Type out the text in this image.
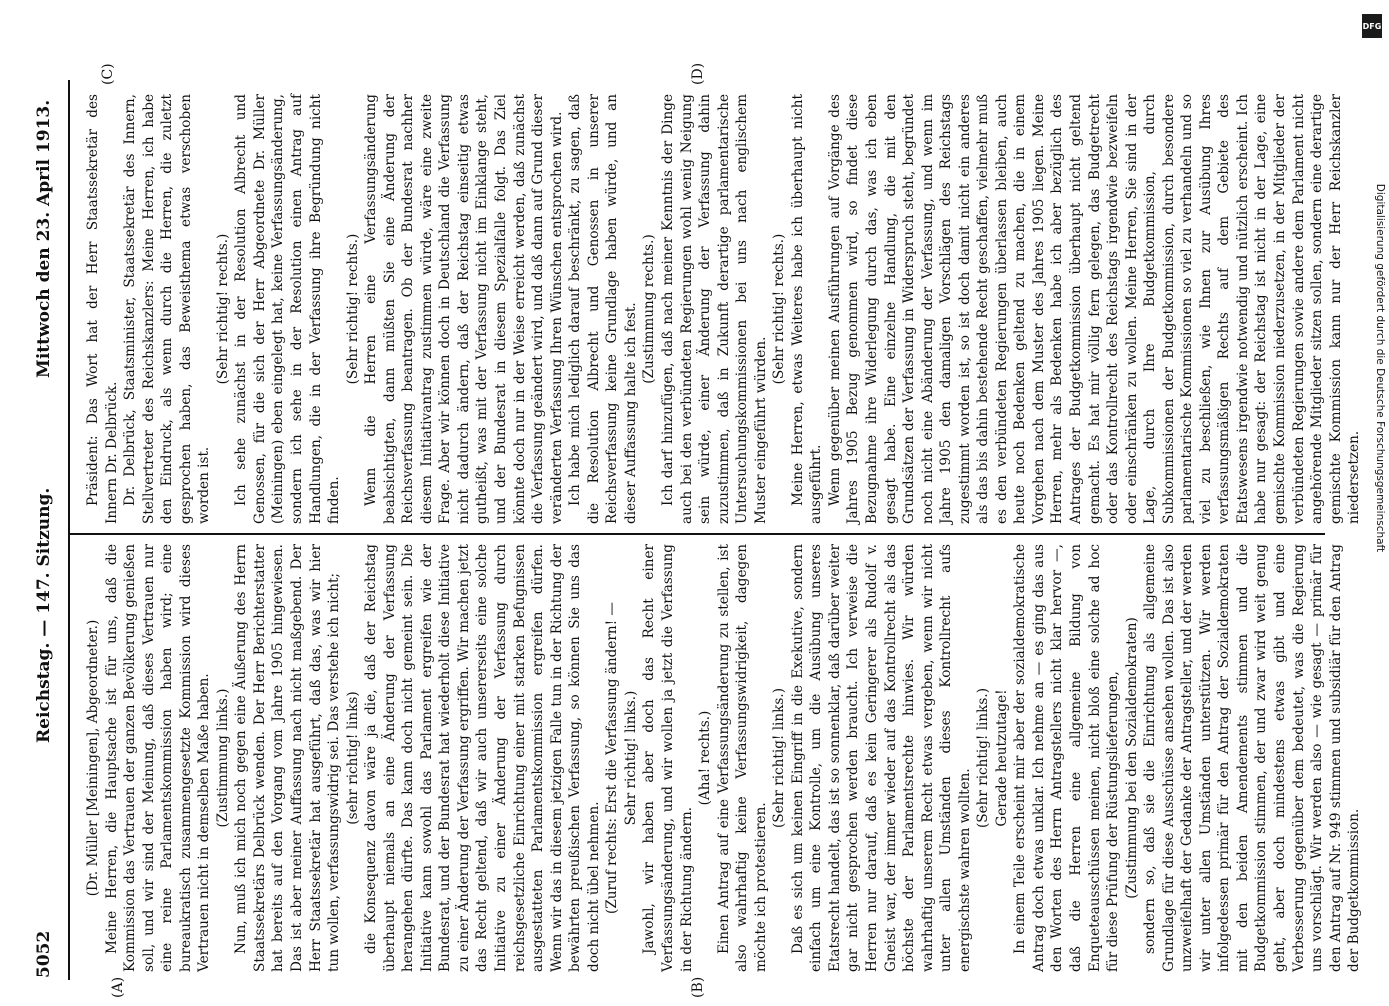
5052
Reichstag. — 147. Sitzung.
Mittwoch den 23. April 1913.
(A)	(B)
(C)	(D)

(Dr. Müller [Meiningen], Abgeordneter.) Meine Herren, die Hauptsache ist für uns, daß die Kommission das Vertrauen der ganzen Bevölkerung genießen soll, und wir sind der Meinung, daß dieses Vertrauen nur eine reine Parlamentskommission haben wird; eine bureaukratisch zusammengesetzte Kommission wird dieses Vertrauen nicht in demselben Maße haben. (Zustimmung links.) Nun, muß ich mich noch gegen eine Äußerung des Herrn Staatssekretärs Delbrück wenden. Der Herr Berichterstatter hat bereits auf den Vorgang vom Jahre 1905 hingewiesen. Das ist aber meiner Auffassung nach nicht maßgebend. Der Herr Staatssekretär hat ausgeführt, daß das, was wir hier tun wollen, verfassungswidrig sei. Das verstehe ich nicht; (sehr richtig! links) die Konsequenz davon wäre ja die, daß der Reichstag überhaupt niemals an eine Änderung der Verfassung herangehen dürfte. Das kann doch nicht gemeint sein. Die Initiative kann sowohl das Parlament ergreifen wie der Bundesrat, und der Bundesrat hat wiederholt diese Initiative zu einer Änderung der Verfassung ergriffen. Wir machen jetzt das Recht geltend, daß wir auch unsererseits eine solche Initiative zu einer Änderung der Verfassung durch reichsgesetzliche Einrichtung einer mit starken Befugnissen ausgestatteten Parlamentskommission ergreifen dürfen. Wenn wir das in diesem jetzigen Falle tun in der Richtung der bewährten preußischen Verfassung, so können Sie uns das doch nicht übel nehmen. (Zuruf rechts: Erst die Verfassung ändern! — Sehr richtig! links.) Jawohl, wir haben aber doch das Recht einer Verfassungsänderung, und wir wollen ja jetzt die Verfassung in der Richtung ändern.

(Aha! rechts.) Einen Antrag auf eine Verfassungsänderung zu stellen, ist also wahrhaftig keine Verfassungswidrigkeit, dagegen möchte ich protestieren.

(Sehr richtig! links.) Daß es sich um keinen Eingriff in die Exekutive, sondern einfach um eine Kontrolle, um die Ausübung unseres Etatsrecht handelt, das ist so sonnenklar, daß darüber weiter gar nicht gesprochen werden braucht. Ich verweise die Herren nur darauf, daß es kein Geringerer als Rudolf v. Gneist war, der immer wieder auf das Kontrollrecht als das höchste der Parlamentsrechte hinwies. Wir würden wahrhaftig unserem Recht etwas vergeben, wenn wir nicht unter allen Umständen dieses Kontrollrecht aufs energischste wahren wollten.

(Sehr richtig! links.) Gerade heutzutage! In einem Teile erscheint mir aber der sozialdemokratische Antrag doch etwas unklar. Ich nehme an — es ging das aus den Worten des Herrn Antragstellers nicht klar hervor —, daß die Herren eine allgemeine Bildung von Enqueteausschüssen meinen, nicht bloß eine solche ad hoc für diese Prüfung der Rüstungslieferungen, (Zustimmung bei den Sozialdemokraten) sondern so, daß sie die Einrichtung als allgemeine Grundlage für diese Ausschüsse ansehen wollen. Das ist also unzweifelhaft der Gedanke der Antragsteller, und der werden wir unter allen Umständen unterstützen. Wir werden infolgedessen primär für den Antrag der Sozialdemokraten mit den beiden Amendements stimmen und die Budgetkommission stimmen, der und zwar wird weit genug geht, aber doch mindestens etwas gibt und eine Verbesserung gegenüber dem bedeutet, was die Regierung uns vorschlägt. Wir werden also — wie gesagt — primär für den Antrag auf Nr. 949 stimmen und subsidiär für den Antrag der Budgetkommission.

Präsident: Das Wort hat der Herr Staatssekretär des Innern Dr. Delbrück. Dr. Delbrück, Staatsminister, Staatssekretär des Innern, Stellvertreter des Reichskanzlers: Meine Herren, ich habe den Eindruck, als wenn durch die Herren, die zuletzt gesprochen haben, das Beweisthema etwas verschoben worden ist.

(Sehr richtig! rechts.) Ich sehe zunächst in der Resolution Albrecht und Genossen, für die sich der Herr Abgeordnete Dr. Müller (Meiningen) eben eingelegt hat, keine Verfassungsänderung, sondern ich sehe in der Resolution einen Antrag auf Handlungen, die in der Verfassung ihre Begründung nicht finden.

(Sehr richtig! rechts.) Wenn die Herren eine Verfassungsänderung beabsichtigten, dann müßten Sie eine Änderung der Reichsverfassung beantragen. Ob der Bundesrat nachher diesem Initiativantrag zustimmen würde, wäre eine zweite Frage. Aber wir können doch in Deutschland die Verfassung nicht dadurch ändern, daß der Reichstag einseitig etwas gutheißt, was mit der Verfassung nicht im Einklange steht, und der Bundesrat in diesem Spezialfalle folgt. Das Ziel könnte doch nur in der Weise erreicht werden, daß zunächst die Verfassung geändert wird, und daß dann auf Grund dieser veränderten Verfassung Ihren Wünschen entsprochen wird. Ich habe mich lediglich darauf beschränkt, zu sagen, daß die Resolution Albrecht und Genossen in unserer Reichsverfassung keine Grundlage haben würde, und an dieser Auffassung halte ich fest. (Zustimmung rechts.) Ich darf hinzufügen, daß nach meiner Kenntnis der Dinge auch bei den verbündeten Regierungen wohl wenig Neigung sein würde, einer Änderung der Verfassung dahin zuzustimmen, daß in Zukunft derartige parlamentarische Untersuchungskommissionen bei uns nach englischem Muster eingeführt würden.

(Sehr richtig! rechts.) Meine Herren, etwas Weiteres habe ich überhaupt nicht ausgeführt. Wenn gegenüber meinen Ausführungen auf Vorgänge des Jahres 1905 Bezug genommen wird, so findet diese Bezugnahme ihre Widerlegung durch das, was ich eben gesagt habe. Eine einzelne Handlung, die mit den Grundsätzen der Verfassung in Widerspruch steht, begründet noch nicht eine Abänderung der Verfassung, und wenn im Jahre 1905 den damaligen Vorschlägen des Reichstags zugestimmt worden ist, so ist doch damit nicht ein anderes als das bis dahin bestehende Recht geschaffen, vielmehr muß es den verbündeten Regierungen überlassen bleiben, auch heute noch Bedenken geltend zu machen, die in einem Vorgehen nach dem Muster des Jahres 1905 liegen. Meine Herren, mehr als Bedenken habe ich aber bezüglich des Antrages der Budgetkommission überhaupt nicht geltend gemacht. Es hat mir völlig fern gelegen, das Budgetrecht oder das Kontrollrecht des Reichstags irgendwie bezweifeln oder einschränken zu wollen. Meine Herren, Sie sind in der Lage, durch Ihre Budgetkommission, durch Subkommissionen der Budgetkommission, durch besondere parlamentarische Kommissionen so viel zu verhandeln und so viel zu beschließen, wie Ihnen zur Ausübung Ihres verfassungsmäßigen Rechts auf dem Gebiete des Etatswesens irgendwie notwendig und nützlich erscheint. Ich habe nur gesagt: der Reichstag ist nicht in der Lage, eine gemischte Kommission niederzusetzen, in der Mitglieder der verbündeten Regierungen sowie andere dem Parlament nicht angehörende Mitglieder sitzen sollen, sondern eine derartige gemischte Kommission kann nur der Herr Reichskanzler niedersetzen.

DFG
Digitalisierung gefördert durch die Deutsche Forschungsgemeinschaft
